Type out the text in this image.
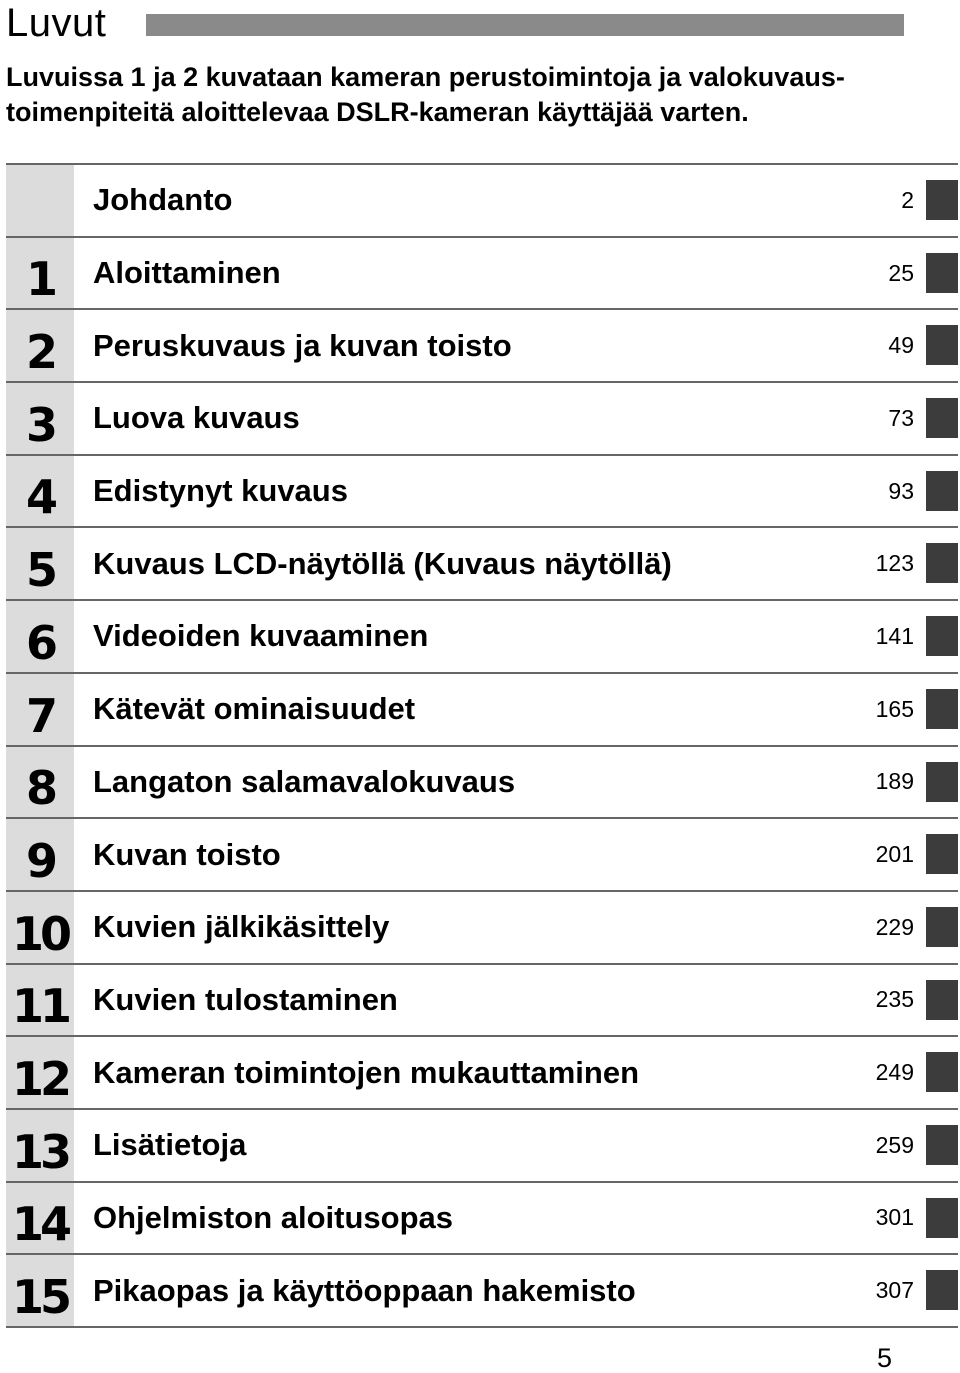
Luvut
Luvuissa 1 ja 2 kuvataan kameran perustoimintoja ja valokuvaus-
toimenpiteitä aloittelevaa DSLR-kameran käyttäjää varten.
Johdanto	2
1	Aloittaminen	25
2	Peruskuvaus ja kuvan toisto	49
3	Luova kuvaus	73
4	Edistynyt kuvaus	93
5	Kuvaus LCD-näytöllä (Kuvaus näytöllä)	123
6	Videoiden kuvaaminen	141
7	Kätevät ominaisuudet	165
8	Langaton salamavalokuvaus	189
9	Kuvan toisto	201
10 Kuvien jälkikäsittely	229
11 Kuvien tulostaminen	235
12 Kameran toimintojen mukauttaminen	249
13 Lisätietoja	259
14 Ohjelmiston aloitusopas	301
15 Pikaopas ja käyttöoppaan hakemisto	307
5
